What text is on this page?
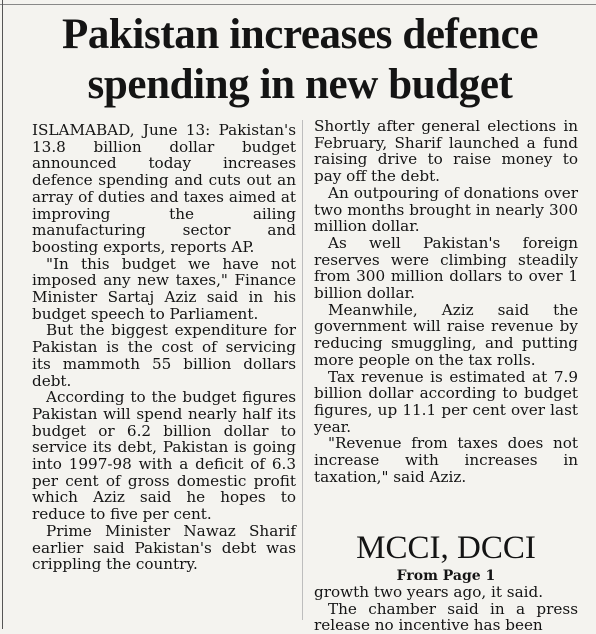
Pakistan increases defence spending in new budget

ISLAMABAD, June 13: Pakistan's 13.8 billion dollar budget announced today increases defence spending and cuts out an array of duties and taxes aimed at improving the ailing manufacturing sector and boosting exports, reports AP.

"In this budget we have not imposed any new taxes," Finance Minister Sartaj Aziz said in his budget speech to Parliament.

But the biggest expenditure for Pakistan is the cost of servicing its mammoth 55 billion dollars debt.

According to the budget figures Pakistan will spend nearly half its budget or 6.2 billion dollar to service its debt, Pakistan is going into 1997-98 with a deficit of 6.3 per cent of gross domestic profit which Aziz said he hopes to reduce to five per cent.

Prime Minister Nawaz Sharif earlier said Pakistan's debt was crippling the country.

Shortly after general elections in February, Sharif launched a fund raising drive to raise money to pay off the debt.

An outpouring of donations over two months brought in nearly 300 million dollar.

As well Pakistan's foreign reserves were climbing steadily from 300 million dollars to over 1 billion dollar.

Meanwhile, Aziz said the government will raise revenue by reducing smuggling, and putting more people on the tax rolls.

Tax revenue is estimated at 7.9 billion dollar according to budget figures, up 11.1 per cent over last year.

"Revenue from taxes does not increase with increases in taxation," said Aziz.

MCCI, DCCI
From Page 1

growth two years ago, it said.

The chamber said in a press release no incentive has been
